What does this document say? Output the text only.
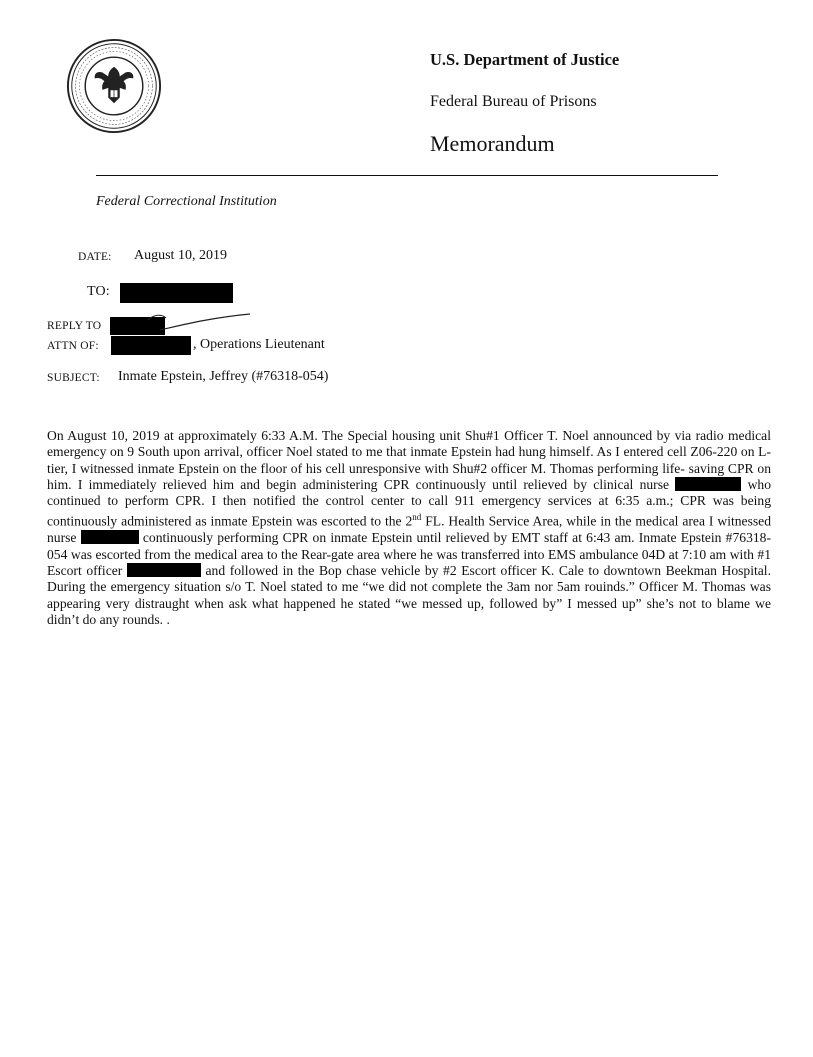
U.S. Department of Justice
Federal Bureau of Prisons
Memorandum
Federal Correctional Institution
DATE: August 10, 2019
TO:
REPLY TO
ATTN OF:	, Operations Lieutenant
SUBJECT: Inmate Epstein, Jeffrey (#76318-054)
On August 10, 2019 at approximately 6:33 A.M. The Special housing unit Shu#1 Officer T. Noel announced by via radio medical emergency on 9 South upon arrival, officer Noel stated to me that inmate Epstein had hung himself. As I entered cell Z06-220 on L-tier, I witnessed inmate Epstein on the floor of his cell unresponsive with Shu#2 officer M. Thomas performing life- saving CPR on him. I immediately relieved him and begin administering CPR continuously until relieved by clinical nurse	who continued to perform CPR. I then notified the control center to call 911 emergency services at 6:35 a.m.; CPR was being continuously administered as inmate Epstein was escorted to the 2nd FL. Health Service Area, while in the medical area I witnessed nurse	continuously performing CPR on inmate Epstein until relieved by EMT staff at 6:43 am. Inmate Epstein #76318-054 was escorted from the medical area to the Rear-gate area where he was transferred into EMS ambulance 04D at 7:10 am with #1 Escort officer	and followed in the Bop chase vehicle by #2 Escort officer K. Cale to downtown Beekman Hospital. During the emergency situation s/o T. Noel stated to me “we did not complete the 3am nor 5am rouinds.” Officer M. Thomas was appearing very distraught when ask what happened he stated “we messed up, followed by” I messed up” she’s not to blame we didn’t do any rounds. .
